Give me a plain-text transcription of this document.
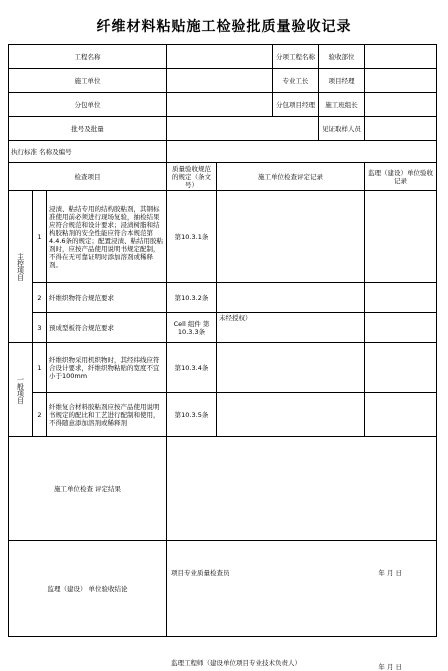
纤维材料粘贴施工检验批质量验收记录
工程名称					分项工程名称	验收部位	
施工单位					专业工长	项目经理	
分包单位					分包项目经理	施工班组长	
批号及批量						见证取样人员	
执行标准 名称及编号							
检查项目			质量验收规范的规定（条文号）	施工单位检查评定记录			监理（建设）单位验收记录

主控项目	1	浸渍、粘结专用的结构胶粘剂，其钢标准使用前必须进行现场复验，抽检结果应符合规范和设计要求；浸渍树脂和结构胶粘剂的安全性能应符合本规范第4.4.6条的规定；配置浸渍、粘结用胶粘剂时，应按产品使用说明书规定配制，不得在无可靠证明时添加溶剂或稀释剂。	第10.3.1条				
	2	纤维织物符合规范要求	第10.3.2条				
	3	预成型板符合规范要求	Cell 组件 第10.3.3条	未经授权）			

一般项目	1	纤维织物采用机织物时，其经纬线应符合设计要求，纤维织物粘贴的宽度不宜小于100mm	第10.3.4条				
	2	纤维复合材料胶粘剂应按产品使用说明书规定的配比和工艺进行配制和使用，不得随意添加溶剂或稀释剂	第10.3.5条				
施工单位检查 评定结果			项目专业质量检查员 年 月 日				

监理（建设） 单位验收结论			监理工程师（建设单位项目专业技术负责人） 年 月 日				
